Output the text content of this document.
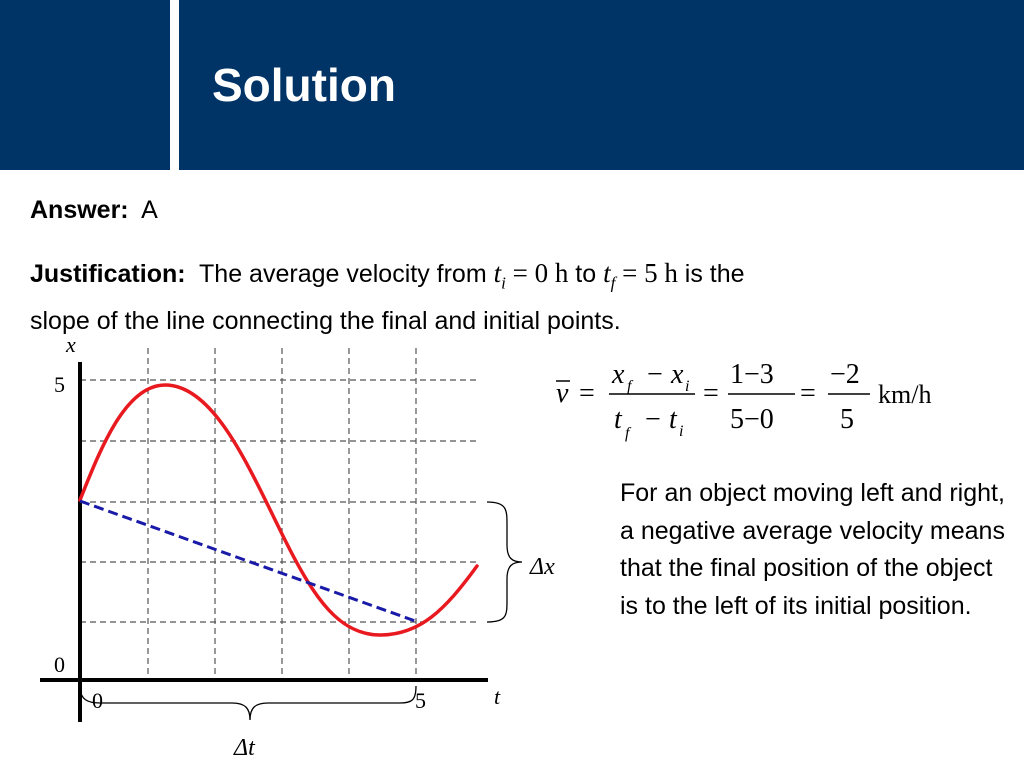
Solution
Answer: A
Justification: The average velocity from $t_i = 0$ h to $t_f = 5$ h is the
slope of the line connecting the final and initial points.
x
t
5
0
0	5
Δx
Δt
v =
x f − x i
t f − t i
=
1−3
5−0
=
−2
5
km/h
For an object moving left and right, a negative average velocity means that the final position of the object is to the left of its initial position.
